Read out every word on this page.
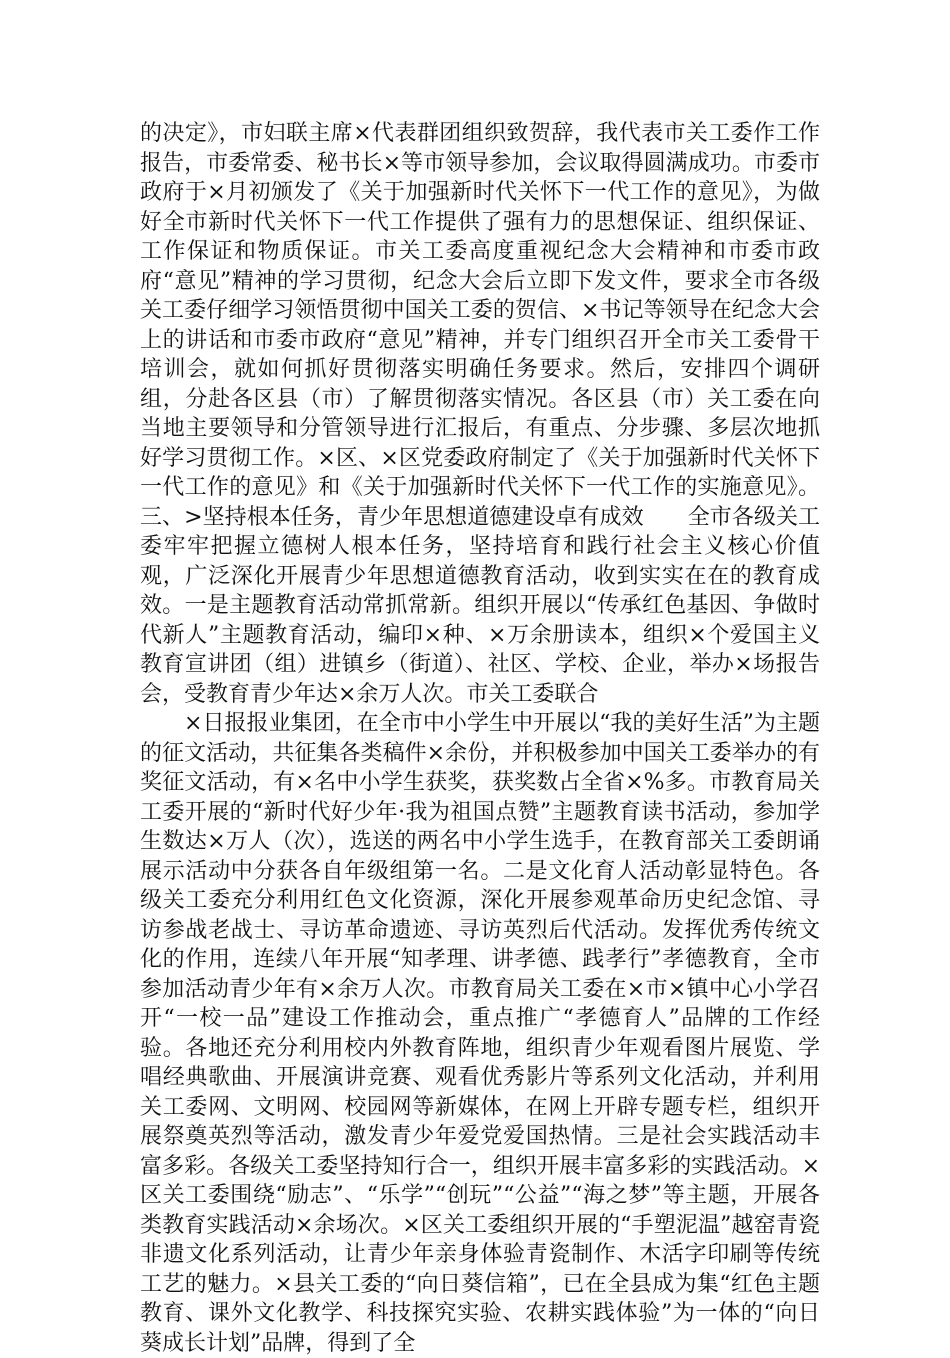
的决定》，市妇联主席×代表群团组织致贺辞，我代表市关工委作工作报告，市委常委、秘书长×等市领导参加，会议取得圆满成功。市委市政府于×月初颁发了《关于加强新时代关怀下一代工作的意见》，为做好全市新时代关怀下一代工作提供了强有力的思想保证、组织保证、工作保证和物质保证。市关工委高度重视纪念大会精神和市委市政府“意见”精神的学习贯彻，纪念大会后立即下发文件，要求全市各级关工委仔细学习领悟贯彻中国关工委的贺信、×书记等领导在纪念大会上的讲话和市委市政府“意见”精神，并专门组织召开全市关工委骨干培训会，就如何抓好贯彻落实明确任务要求。然后，安排四个调研组，分赴各区县（市）了解贯彻落实情况。各区县（市）关工委在向当地主要领导和分管领导进行汇报后，有重点、分步骤、多层次地抓好学习贯彻工作。×区、×区党委政府制定了《关于加强新时代关怀下一代工作的意见》和《关于加强新时代关怀下一代工作的实施意见》。三、>坚持根本任务，青少年思想道德建设卓有成效　　全市各级关工委牢牢把握立德树人根本任务，坚持培育和践行社会主义核心价值观，广泛深化开展青少年思想道德教育活动，收到实实在在的教育成效。一是主题教育活动常抓常新。组织开展以“传承红色基因、争做时代新人”主题教育活动，编印×种、×万余册读本，组织×个爱国主义教育宣讲团（组）进镇乡（街道）、社区、学校、企业，举办×场报告会，受教育青少年达×余万人次。市关工委联合

×日报报业集团，在全市中小学生中开展以“我的美好生活”为主题的征文活动，共征集各类稿件×余份，并积极参加中国关工委举办的有奖征文活动，有×名中小学生获奖，获奖数占全省×%多。市教育局关工委开展的“新时代好少年·我为祖国点赞”主题教育读书活动，参加学生数达×万人（次），选送的两名中小学生选手，在教育部关工委朗诵展示活动中分获各自年级组第一名。二是文化育人活动彰显特色。各级关工委充分利用红色文化资源，深化开展参观革命历史纪念馆、寻访参战老战士、寻访革命遗迹、寻访英烈后代活动。发挥优秀传统文化的作用，连续八年开展“知孝理、讲孝德、践孝行”孝德教育，全市参加活动青少年有×余万人次。市教育局关工委在×市×镇中心小学召开“一校一品”建设工作推动会，重点推广“孝德育人”品牌的工作经验。各地还充分利用校内外教育阵地，组织青少年观看图片展览、学唱经典歌曲、开展演讲竞赛、观看优秀影片等系列文化活动，并利用关工委网、文明网、校园网等新媒体，在网上开辟专题专栏，组织开展祭奠英烈等活动，激发青少年爱党爱国热情。三是社会实践活动丰富多彩。各级关工委坚持知行合一，组织开展丰富多彩的实践活动。×区关工委围绕“励志”、“乐学”“创玩”“公益”“海之梦”等主题，开展各类教育实践活动×余场次。×区关工委组织开展的“手塑泥温”越窑青瓷非遗文化系列活动，让青少年亲身体验青瓷制作、木活字印刷等传统工艺的魅力。×县关工委的“向日葵信箱”，已在全县成为集“红色主题教育、课外文化教学、科技探究实验、农耕实践体验”为一体的“向日葵成长计划”品牌，得到了全
